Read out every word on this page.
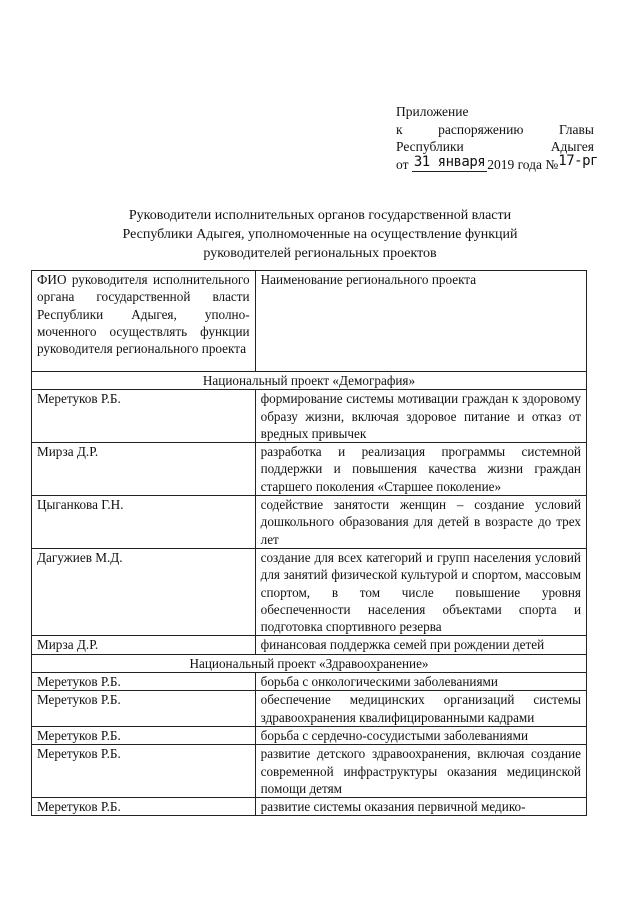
Приложение
к	распоряжению	Главы
Республики	Адыгея
от 31 января 2019 года №17-рг
Руководители исполнительных органов государственной власти
Республики Адыгея, уполномоченные на осуществление функций
руководителей региональных проектов
ФИО руководителя исполнительного органа государственной власти Республики Адыгея, уполномоченного осуществлять функции руководителя регионального проекта	Наименование регионального проекта
Национальный проект «Демография»	
Меретуков Р.Б.	формирование системы мотивации граждан к здоровому образу жизни, включая здоровое питание и отказ от вредных привычек
Мирза Д.Р.	разработка и реализация программы системной поддержки и повышения качества жизни граждан старшего поколения «Старшее поколение»
Цыганкова Г.Н.	содействие занятости женщин – создание условий дошкольного образования для детей в возрасте до трех лет
Дагужиев М.Д.	создание для всех категорий и групп населения условий для занятий физической культурой и спортом, массовым спортом, в том числе повышение уровня обеспеченности населения объектами спорта и подготовка спортивного резерва
Мирза Д.Р.	финансовая поддержка семей при рождении детей
Национальный проект «Здравоохранение»	
Меретуков Р.Б.	борьба с онкологическими заболеваниями
Меретуков Р.Б.	обеспечение медицинских организаций системы здравоохранения квалифицированными кадрами
Меретуков Р.Б.	борьба с сердечно-сосудистыми заболеваниями
Меретуков Р.Б.	развитие детского здравоохранения, включая создание современной инфраструктуры оказания медицинской помощи детям
Меретуков Р.Б.	развитие системы оказания первичной медико-
